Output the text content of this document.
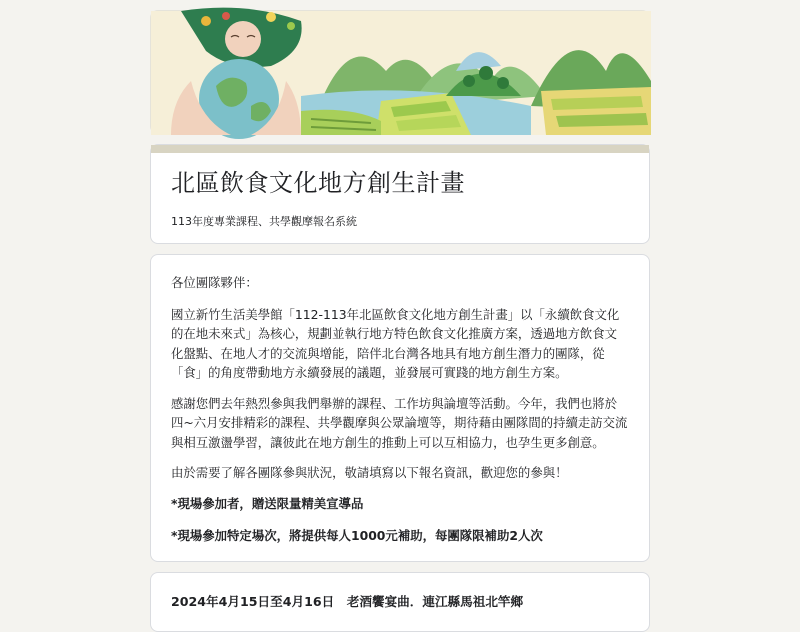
北區飲食文化地方創生計畫

113年度專業課程、共學觀摩報名系統

各位團隊夥伴：

國立新竹生活美學館「112-113年北區飲食文化地方創生計畫」以「永續飲食文化的在地未來式」為核心，規劃並執行地方特色飲食文化推廣方案，透過地方飲食文化盤點、在地人才的交流與增能，陪伴北台灣各地具有地方創生潛力的團隊，從「食」的角度帶動地方永續發展的議題，並發展可實踐的地方創生方案。

感謝您們去年熱烈參與我們舉辦的課程、工作坊與論壇等活動。今年，我們也將於四~六月安排精彩的課程、共學觀摩與公眾論壇等，期待藉由團隊間的持續走訪交流與相互激盪學習，讓彼此在地方創生的推動上可以互相協力，也孕生更多創意。

由於需要了解各團隊參與狀況，敬請填寫以下報名資訊，歡迎您的參與！

*現場參加者，贈送限量精美宣導品

*現場參加特定場次，將提供每人1000元補助，每團隊限補助2人次

2024年4月15日至4月16日　老酒饗宴曲．連江縣馬祖北竿鄉
